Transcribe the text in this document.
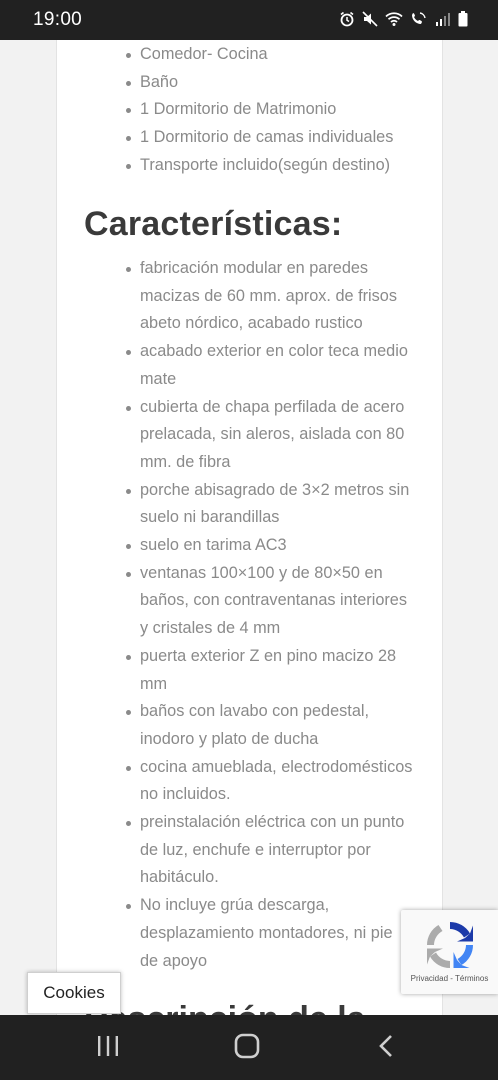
19:00
Comedor- Cocina
Baño
1 Dormitorio de Matrimonio
1 Dormitorio de camas individuales
Transporte incluido(según destino)
Características:
fabricación modular en paredes macizas de 60 mm. aprox. de frisos abeto nórdico, acabado rustico
acabado exterior en color teca medio mate
cubierta de chapa perfilada de acero prelacada, sin aleros, aislada con 80 mm. de fibra
porche abisagrado de 3×2 metros sin suelo ni barandillas
suelo en tarima AC3
ventanas 100×100 y de 80×50 en baños, con contraventanas interiores y cristales de 4 mm
puerta exterior Z en pino macizo 28 mm
baños con lavabo con pedestal, inodoro y plato de ducha
cocina amueblada, electrodomésticos no incluidos.
preinstalación eléctrica con un punto de luz, enchufe e interruptor por habitáculo.
No incluye grúa descarga, desplazamiento montadores, ni pie de apoyo
Cookies
Privacidad - Términos
